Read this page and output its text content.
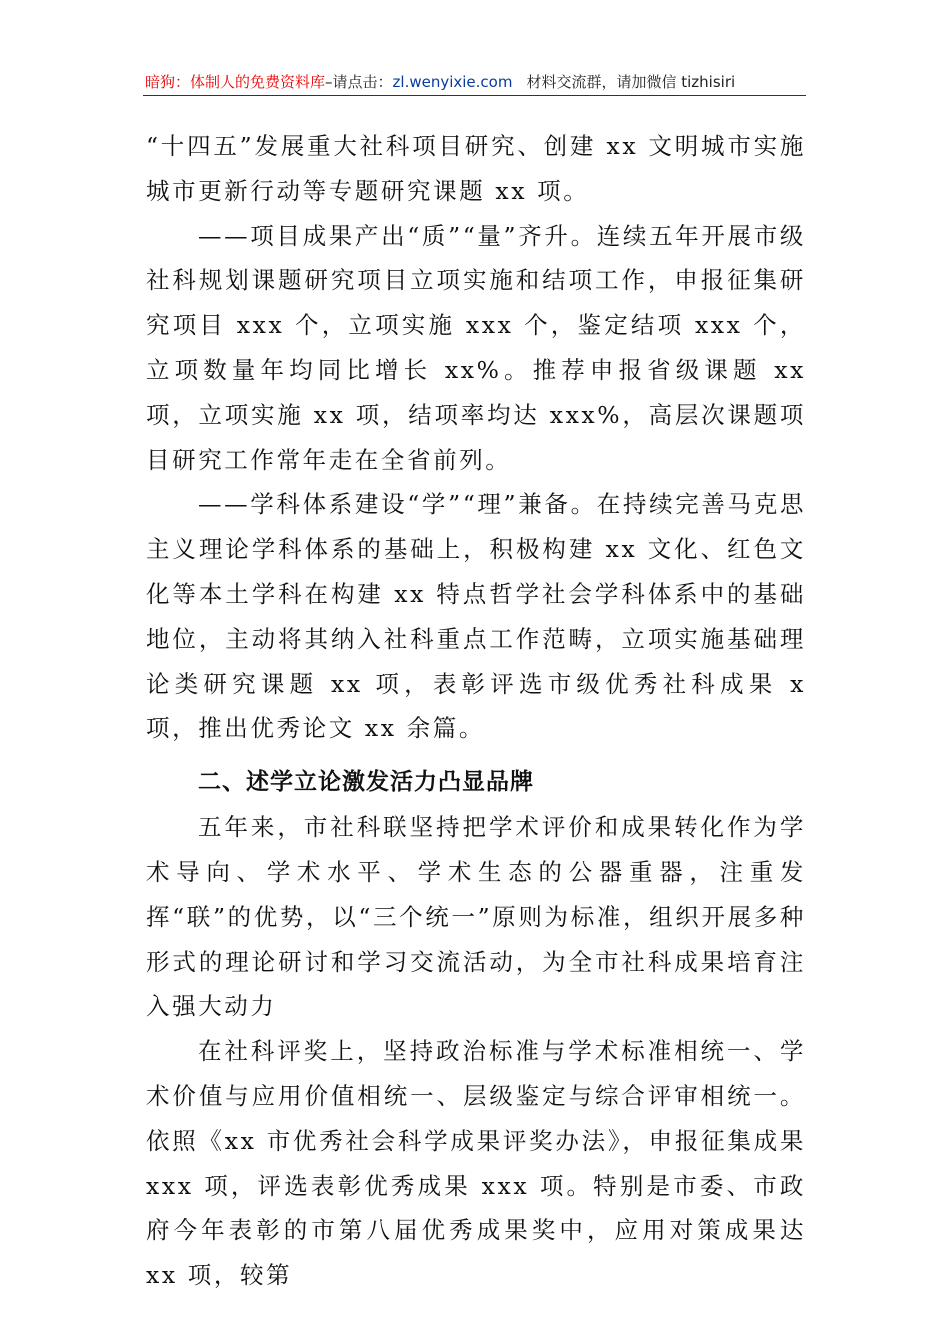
暗狗：体制人的免费资料库–请点击：zl.wenyixie.com 材料交流群，请加微信 tizhisiri

“十四五”发展重大社科项目研究、创建 xx 文明城市实施城市更新行动等专题研究课题 xx 项。

——项目成果产出“质”“量”齐升。连续五年开展市级社科规划课题研究项目立项实施和结项工作，申报征集研究项目 xxx 个，立项实施 xxx 个，鉴定结项 xxx 个，立项数量年均同比增长 xx%。推荐申报省级课题 xx 项，立项实施 xx 项，结项率均达 xxx%，高层次课题项目研究工作常年走在全省前列。

——学科体系建设“学”“理”兼备。在持续完善马克思主义理论学科体系的基础上，积极构建 xx 文化、红色文化等本土学科在构建 xx 特点哲学社会学科体系中的基础地位，主动将其纳入社科重点工作范畴，立项实施基础理论类研究课题 xx 项，表彰评选市级优秀社科成果 x 项，推出优秀论文 xx 余篇。

二、述学立论激发活力凸显品牌

五年来，市社科联坚持把学术评价和成果转化作为学术导向、学术水平、学术生态的公器重器，注重发挥“联”的优势，以“三个统一”原则为标准，组织开展多种形式的理论研讨和学习交流活动，为全市社科成果培育注入强大动力

在社科评奖上，坚持政治标准与学术标准相统一、学术价值与应用价值相统一、层级鉴定与综合评审相统一。依照《xx 市优秀社会科学成果评奖办法》，申报征集成果 xxx 项，评选表彰优秀成果 xxx 项。特别是市委、市政府今年表彰的市第八届优秀成果奖中，应用对策成果达 xx 项，较第
